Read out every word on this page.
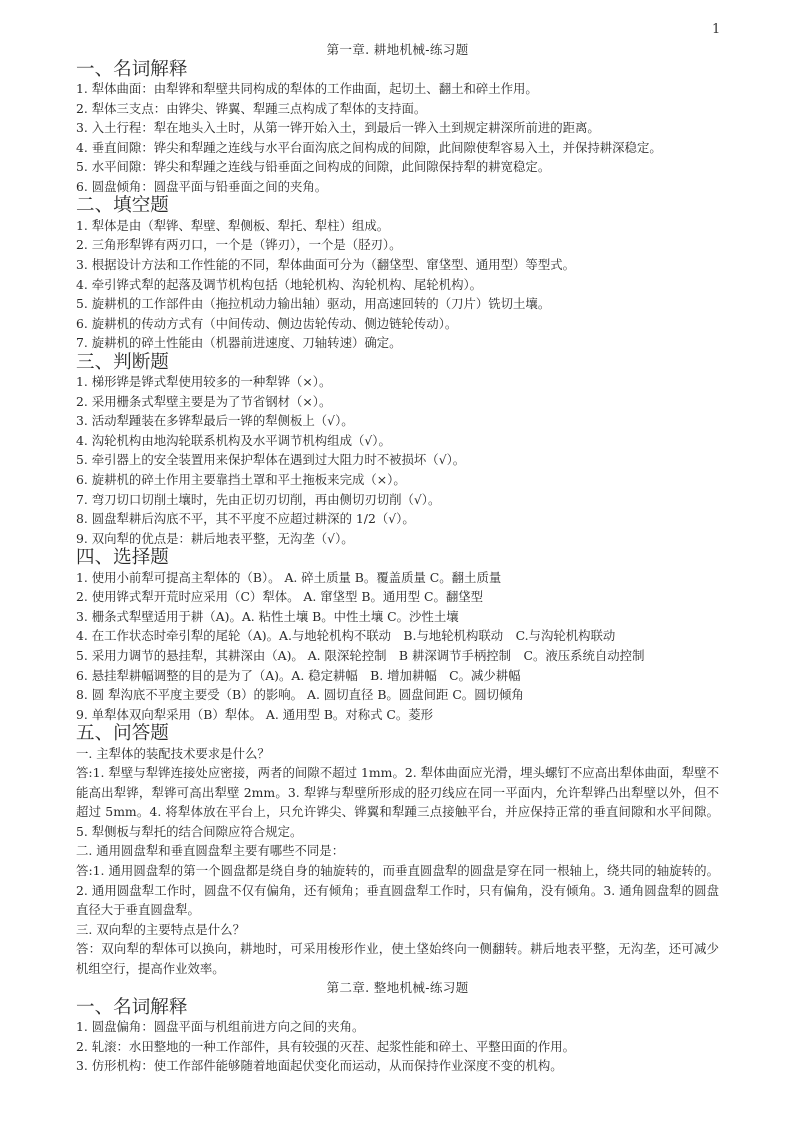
1
第一章. 耕地机械-练习题
一、名词解释

1. 犁体曲面：由犁铧和犁壁共同构成的犁体的工作曲面，起切土、翻土和碎土作用。

2. 犁体三支点：由铧尖、铧翼、犁踵三点构成了犁体的支持面。

3. 入土行程：犁在地头入土时，从第一铧开始入土，到最后一铧入土到规定耕深所前进的距离。

4. 垂直间隙：铧尖和犁踵之连线与水平台面沟底之间构成的间隙，此间隙使犁容易入土，并保持耕深稳定。

5. 水平间隙：铧尖和犁踵之连线与铅垂面之间构成的间隙，此间隙保持犁的耕宽稳定。

6. 圆盘倾角：圆盘平面与铅垂面之间的夹角。

二、填空题

1. 犁体是由（犁铧、犁壁、犁侧板、犁托、犁柱）组成。

2. 三角形犁铧有两刃口，一个是（铧刃），一个是（胫刃）。

3. 根据设计方法和工作性能的不同，犁体曲面可分为（翻垡型、窜垡型、通用型）等型式。

4. 牵引铧式犁的起落及调节机构包括（地轮机构、沟轮机构、尾轮机构）。

5. 旋耕机的工作部件由（拖拉机动力输出轴）驱动，用高速回转的（刀片）铣切土壤。

6. 旋耕机的传动方式有（中间传动、侧边齿轮传动、侧边链轮传动）。

7. 旋耕机的碎土性能由（机器前进速度、刀轴转速）确定。

三、判断题

1. 梯形铧是铧式犁使用较多的一种犁铧（×）。

2. 采用栅条式犁壁主要是为了节省钢材（×）。

3. 活动犁踵装在多铧犁最后一铧的犁侧板上（√）。

4. 沟轮机构由地沟轮联系机构及水平调节机构组成（√）。

5. 牵引器上的安全装置用来保护犁体在遇到过大阻力时不被损坏（√）。

6. 旋耕机的碎土作用主要靠挡土罩和平土拖板来完成（×）。

7. 弯刀切口切削土壤时，先由正切刃切削，再由侧切刃切削（√）。

8. 圆盘犁耕后沟底不平，其不平度不应超过耕深的 1/2（√）。

9. 双向犁的优点是：耕后地表平整，无沟垄（√）。

四、选择题

1. 使用小前犁可提高主犁体的（B）。 A. 碎土质量 B。覆盖质量 C。翻土质量

2. 使用铧式犁开荒时应采用（C）犁体。 A. 窜垡型 B。通用型 C。翻垡型

3. 栅条式犁壁适用于耕（A)。A. 粘性土壤 B。中性土壤 C。沙性土壤

4. 在工作状态时牵引犁的尾轮（A)。A.与地轮机构不联动　B.与地轮机构联动　C.与沟轮机构联动

5. 采用力调节的悬挂犁，其耕深由（A)。 A. 限深轮控制　B 耕深调节手柄控制　C。液压系统自动控制

6. 悬挂犁耕幅调整的目的是为了（A)。A. 稳定耕幅　B. 增加耕幅　C。减少耕幅

8. 圆 犁沟底不平度主要受（B）的影响。 A. 圆切直径 B。圆盘间距 C。圆切倾角

9. 单犁体双向犁采用（B）犁体。 A. 通用型 B。对称式 C。菱形

五、问答题

一. 主犁体的装配技术要求是什么？

答:1. 犁壁与犁铧连接处应密接，两者的间隙不超过 1mm。2. 犁体曲面应光滑，埋头螺钉不应高出犁体曲面，犁壁不能高出犁铧，犁铧可高出犁壁 2mm。3. 犁铧与犁壁所形成的胫刃线应在同一平面内，允许犁铧凸出犁壁以外，但不超过 5mm。4. 将犁体放在平台上，只允许铧尖、铧翼和犁踵三点接触平台，并应保持正常的垂直间隙和水平间隙。5. 犁侧板与犁托的结合间隙应符合规定。

二. 通用圆盘犁和垂直圆盘犁主要有哪些不同是：

答:1. 通用圆盘犁的第一个圆盘都是绕自身的轴旋转的，而垂直圆盘犁的圆盘是穿在同一根轴上，绕共同的轴旋转的。2. 通用圆盘犁工作时，圆盘不仅有偏角，还有倾角；垂直圆盘犁工作时，只有偏角，没有倾角。3. 通角圆盘犁的圆盘直径大于垂直圆盘犁。

三. 双向犁的主要特点是什么？

答：双向犁的犁体可以换向，耕地时，可采用梭形作业，使土垡始终向一侧翻转。耕后地表平整，无沟垄，还可减少机组空行，提高作业效率。

第二章. 整地机械-练习题
一、名词解释

1. 圆盘偏角：圆盘平面与机组前进方向之间的夹角。

2. 轧滚：水田整地的一种工作部件，具有较强的灭茬、起浆性能和碎土、平整田面的作用。

3. 仿形机构：使工作部件能够随着地面起伏变化而运动，从而保持作业深度不变的机构。
